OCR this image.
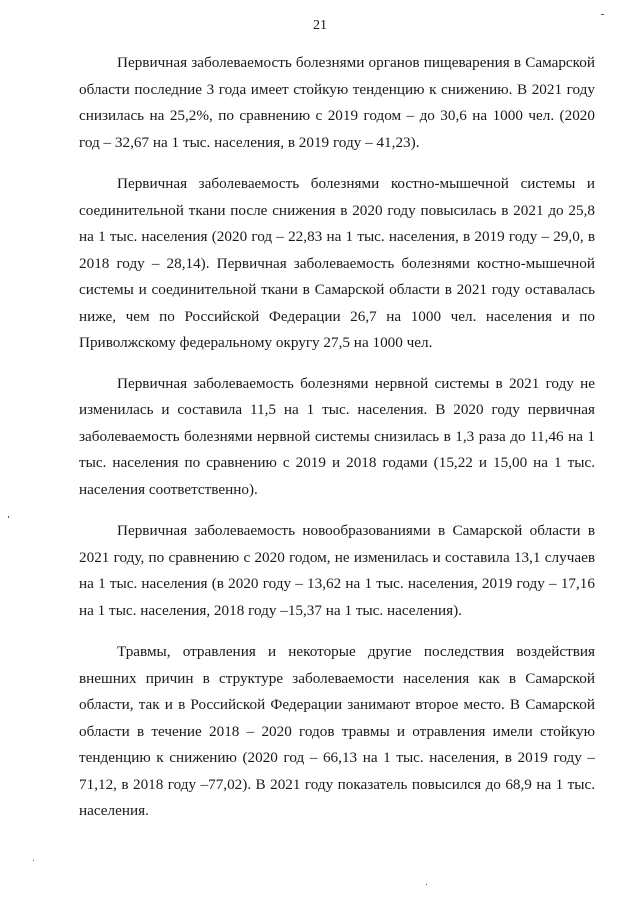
21

Первичная заболеваемость болезнями органов пищеварения в Самарской области последние 3 года имеет стойкую тенденцию к снижению. В 2021 году снизилась на 25,2%, по сравнению с 2019 годом – до 30,6 на 1000 чел. (2020 год – 32,67 на 1 тыс. населения, в 2019 году – 41,23).

Первичная заболеваемость болезнями костно-мышечной системы и соединительной ткани после снижения в 2020 году повысилась в 2021 до 25,8 на 1 тыс. населения (2020 год – 22,83 на 1 тыс. населения, в 2019 году – 29,0, в 2018 году – 28,14). Первичная заболеваемость болезнями костно-мышечной системы и соединительной ткани в Самарской области в 2021 году оставалась ниже, чем по Российской Федерации 26,7 на 1000 чел. населения и по Приволжскому федеральному округу 27,5 на 1000 чел.

Первичная заболеваемость болезнями нервной системы в 2021 году не изменилась и составила 11,5 на 1 тыс. населения. В 2020 году первичная заболеваемость болезнями нервной системы снизилась в 1,3 раза до 11,46 на 1 тыс. населения по сравнению с 2019 и 2018 годами (15,22 и 15,00 на 1 тыс. населения соответственно).

Первичная заболеваемость новообразованиями в Самарской области в 2021 году, по сравнению с 2020 годом, не изменилась и составила 13,1 случаев на 1 тыс. населения (в 2020 году – 13,62 на 1 тыс. населения, 2019 году – 17,16 на 1 тыс. населения, 2018 году –15,37 на 1 тыс. населения).

Травмы, отравления и некоторые другие последствия воздействия внешних причин в структуре заболеваемости населения как в Самарской области, так и в Российской Федерации занимают второе место. В Самарской области в течение 2018 – 2020 годов травмы и отравления имели стойкую тенденцию к снижению (2020 год – 66,13 на 1 тыс. населения, в 2019 году – 71,12, в 2018 году –77,02). В 2021 году показатель повысился до 68,9 на 1 тыс. населения.
